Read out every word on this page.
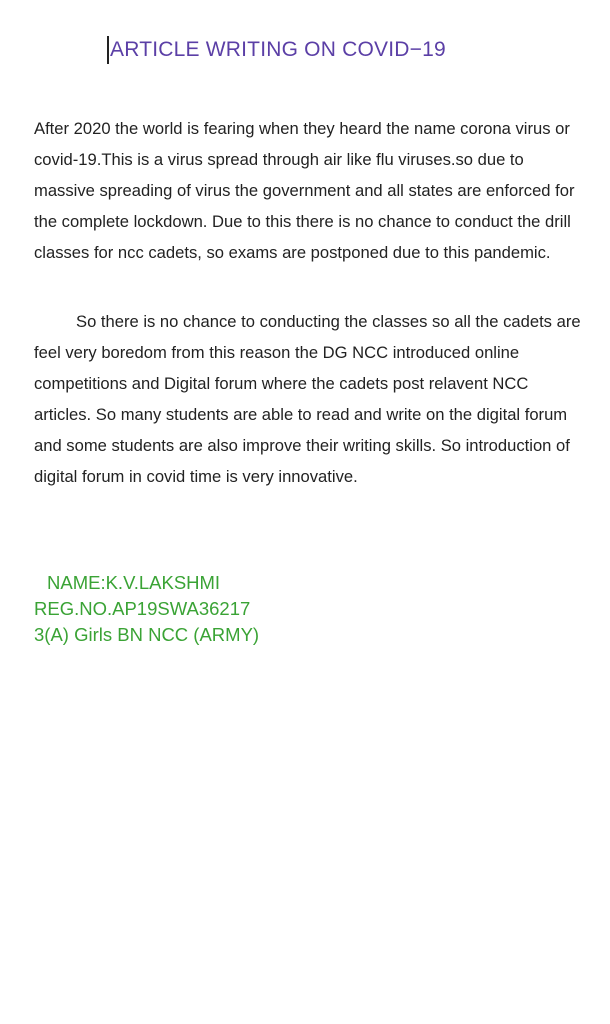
ARTICLE WRITING ON COVID−19

After 2020 the world is fearing when they heard the name corona virus or covid-19.This is a virus spread through air like flu viruses.so due to massive spreading of virus the government and all states are enforced for the complete lockdown. Due to this there is no chance to conduct the drill classes for ncc cadets, so exams are postponed due to this pandemic.

So there is no chance to conducting the classes so all the cadets are feel very boredom from this reason the DG NCC introduced online competitions and Digital forum where the cadets post relavent NCC articles. So many students are able to read and write on the digital forum and some students are also improve their writing skills. So introduction of digital forum in covid time is very innovative.

NAME:K.V.LAKSHMI
REG.NO.AP19SWA36217
3(A) Girls BN NCC (ARMY)
